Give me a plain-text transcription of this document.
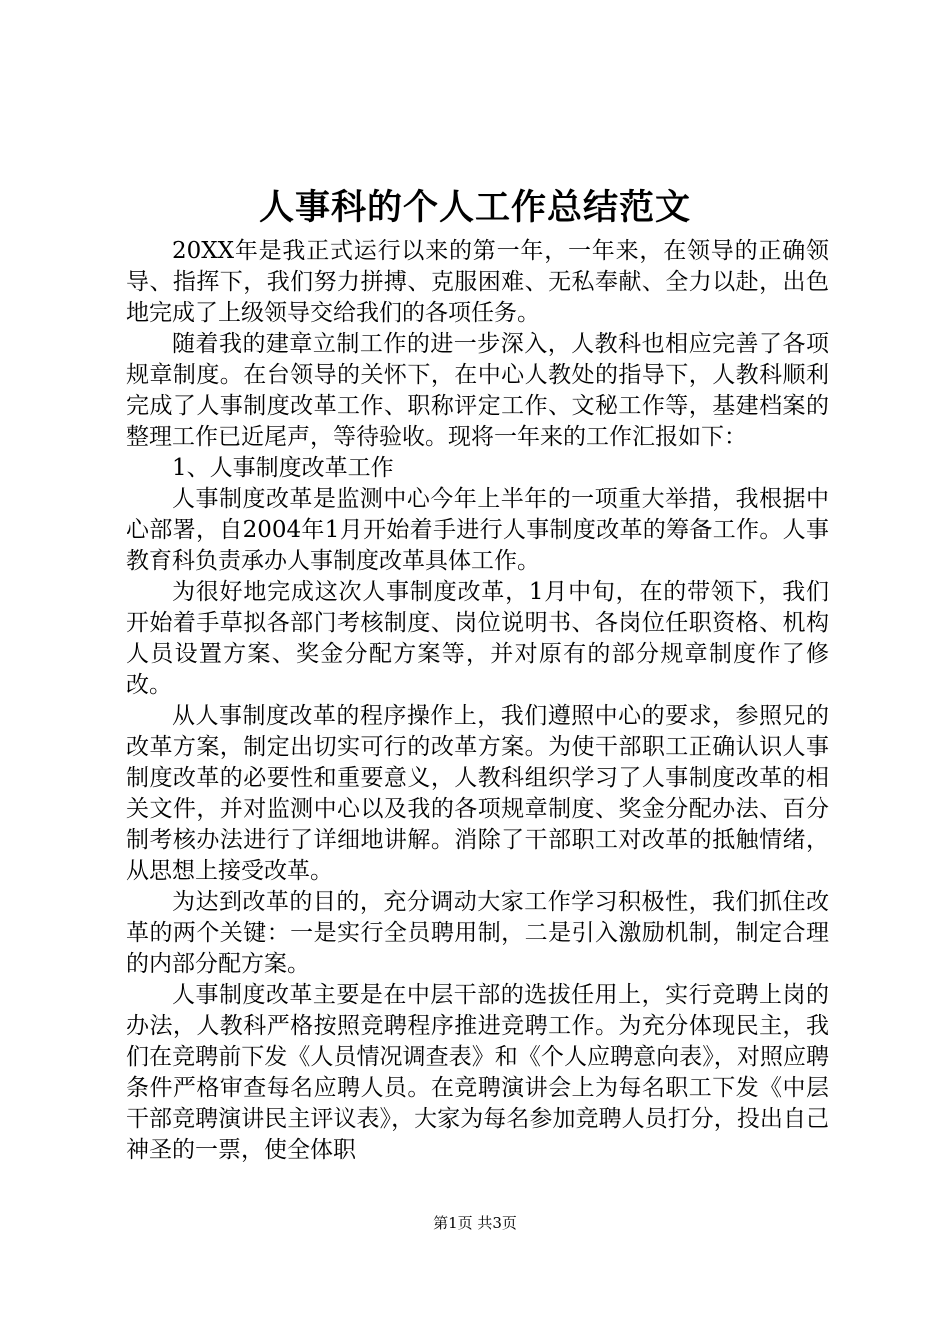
人事科的个人工作总结范文

20XX年是我正式运行以来的第一年，一年来，在领导的正确领导、指挥下，我们努力拼搏、克服困难、无私奉献、全力以赴，出色地完成了上级领导交给我们的各项任务。

随着我的建章立制工作的进一步深入，人教科也相应完善了各项规章制度。在台领导的关怀下，在中心人教处的指导下，人教科顺利完成了人事制度改革工作、职称评定工作、文秘工作等，基建档案的整理工作已近尾声，等待验收。现将一年来的工作汇报如下：

1、人事制度改革工作

人事制度改革是监测中心今年上半年的一项重大举措，我根据中心部署，自2004年1月开始着手进行人事制度改革的筹备工作。人事教育科负责承办人事制度改革具体工作。

为很好地完成这次人事制度改革，1月中旬，在的带领下，我们开始着手草拟各部门考核制度、岗位说明书、各岗位任职资格、机构人员设置方案、奖金分配方案等，并对原有的部分规章制度作了修改。

从人事制度改革的程序操作上，我们遵照中心的要求，参照兄的改革方案，制定出切实可行的改革方案。为使干部职工正确认识人事制度改革的必要性和重要意义，人教科组织学习了人事制度改革的相关文件，并对监测中心以及我的各项规章制度、奖金分配办法、百分制考核办法进行了详细地讲解。消除了干部职工对改革的抵触情绪，从思想上接受改革。

为达到改革的目的，充分调动大家工作学习积极性，我们抓住改革的两个关键：一是实行全员聘用制，二是引入激励机制，制定合理的内部分配方案。

人事制度改革主要是在中层干部的选拔任用上，实行竞聘上岗的办法，人教科严格按照竞聘程序推进竞聘工作。为充分体现民主，我们在竞聘前下发《人员情况调查表》和《个人应聘意向表》，对照应聘条件严格审查每名应聘人员。在竞聘演讲会上为每名职工下发《中层干部竞聘演讲民主评议表》，大家为每名参加竞聘人员打分，投出自己神圣的一票，使全体职

第1页 共3页
